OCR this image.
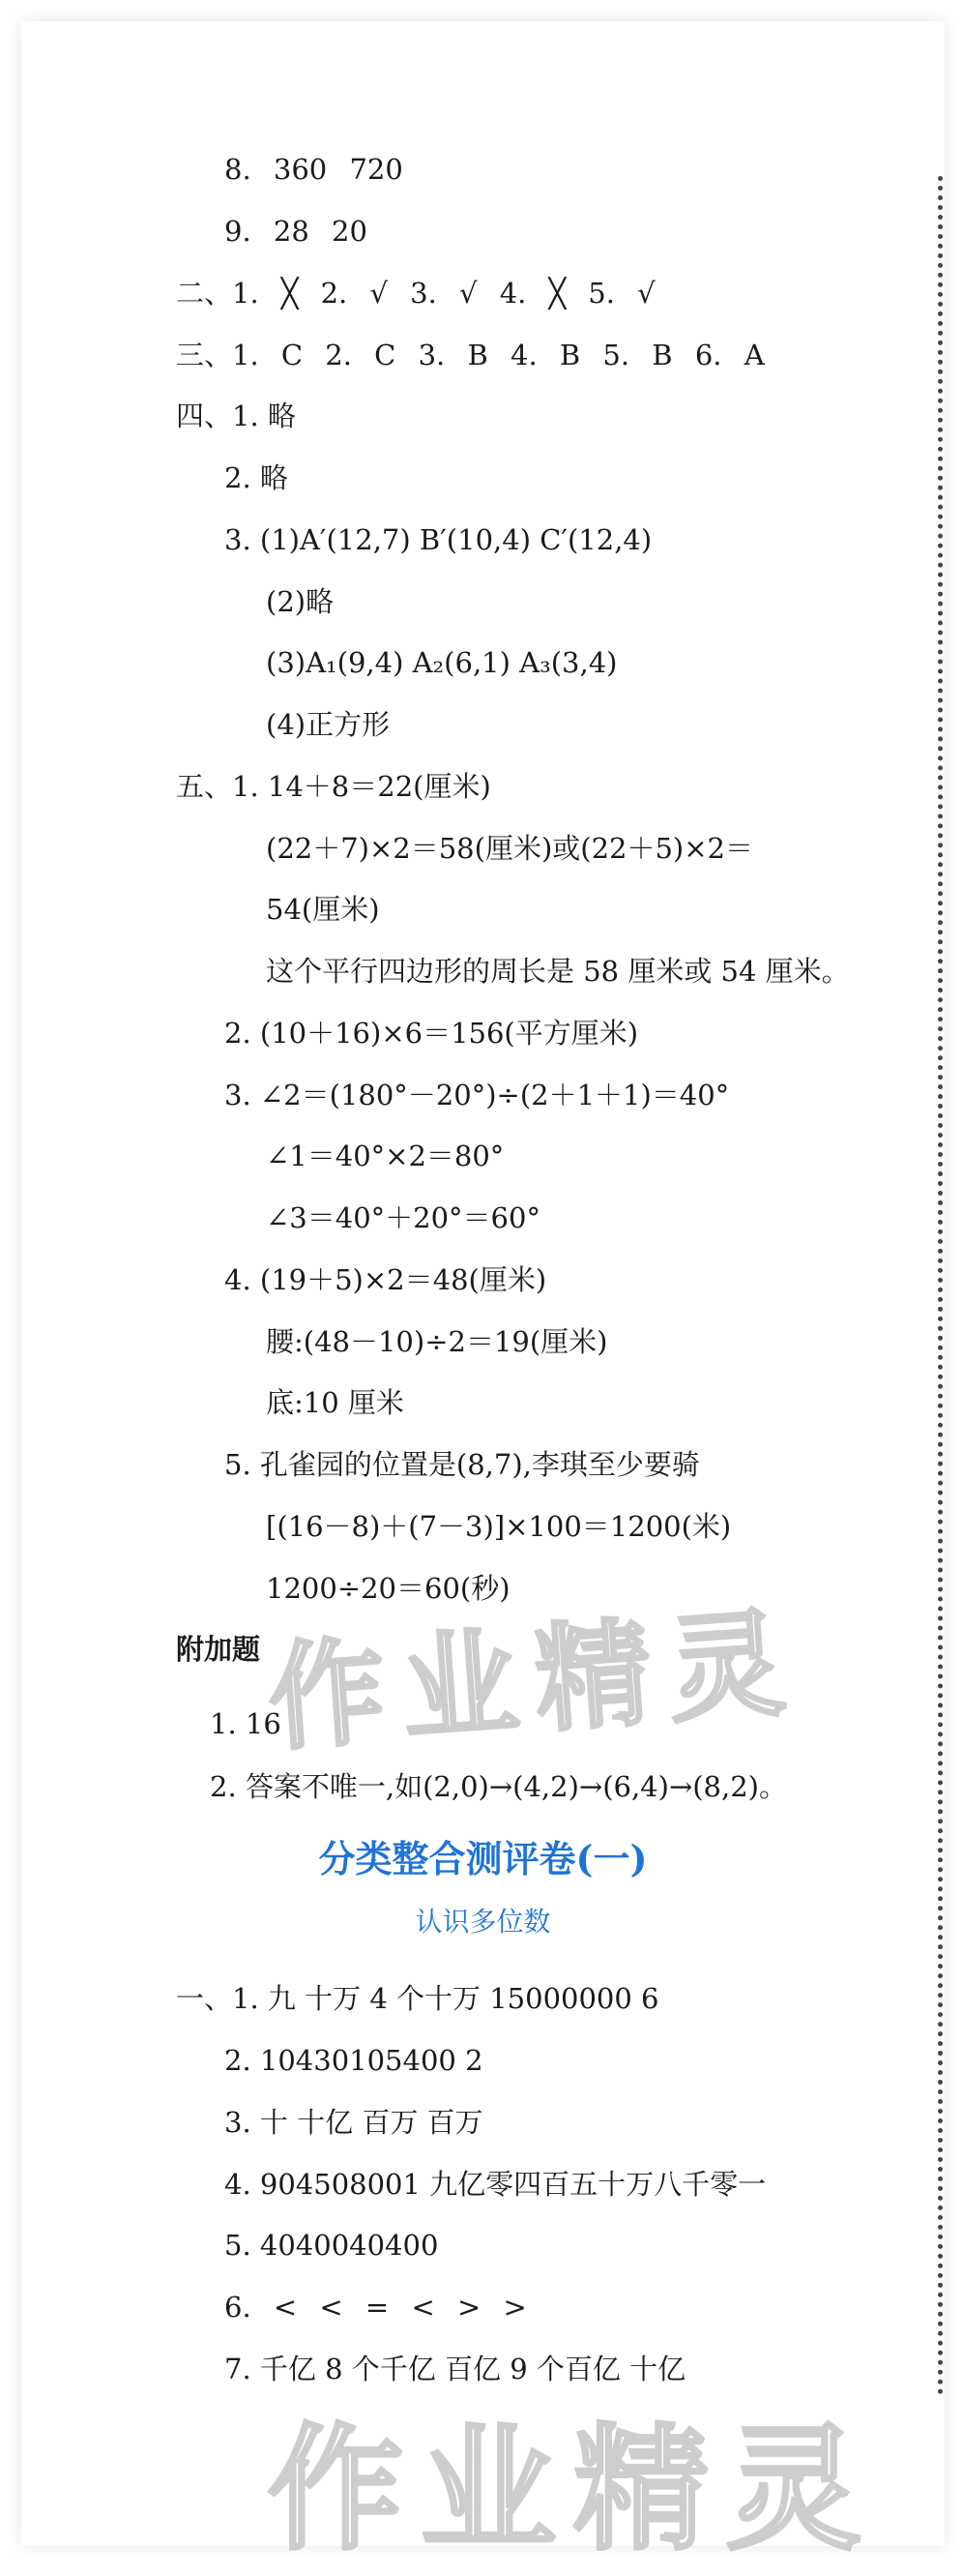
8. 360 720
9. 28 20
二、1. ╳ 2. √ 3. √ 4. ╳ 5. √
三、1. C 2. C 3. B 4. B 5. B 6. A
四、1. 略
2. 略
3. (1)A′(12,7) B′(10,4) C′(12,4)
(2)略
(3)A₁(9,4) A₂(6,1) A₃(3,4)
(4)正方形
五、1. 14＋8＝22(厘米)
(22＋7)×2＝58(厘米)或(22＋5)×2＝
54(厘米)
这个平行四边形的周长是 58 厘米或 54 厘米。
2. (10＋16)×6＝156(平方厘米)
3. ∠2＝(180°－20°)÷(2＋1＋1)＝40°
∠1＝40°×2＝80°
∠3＝40°＋20°＝60°
4. (19＋5)×2＝48(厘米)
腰:(48－10)÷2＝19(厘米)
底:10 厘米
5. 孔雀园的位置是(8,7),李琪至少要骑
[(16－8)＋(7－3)]×100＝1200(米)
1200÷20＝60(秒)
附加题
1. 16
2. 答案不唯一,如(2,0)→(4,2)→(6,4)→(8,2)。
分类整合测评卷(一)
认识多位数
一、1. 九 十万 4 个十万 15000000 6
2. 10430105400 2
3. 十 十亿 百万 百万
4. 904508001 九亿零四百五十万八千零一
5. 4040040400
6. < < = < > >
7. 千亿 8 个千亿 百亿 9 个百亿 十亿
作业精灵
作业精灵
